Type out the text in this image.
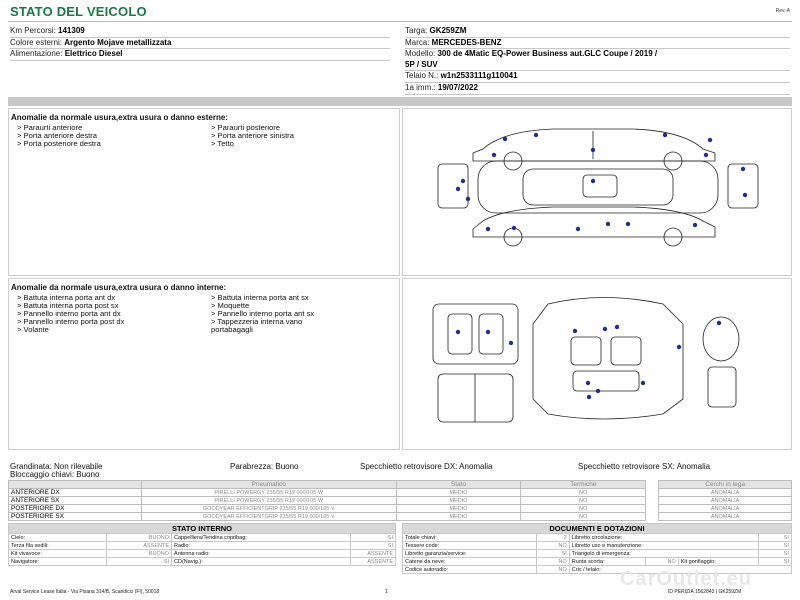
STATO DEL VEICOLO	Rev. A
Km Percorsi: 141309
Colore esterni: Argento Mojave metallizzata
Alimentazione: Elettrico Diesel
Targa: GK259ZM
Marca: MERCEDES-BENZ
Modello: 300 de 4Matic EQ-Power Business aut.GLC Coupe / 2019 /
5P / SUV
Telaio N.: w1n2533111g110041
1a imm.: 19/07/2022
Anomalie da normale usura,extra usura o danno esterne:
> Paraurti anteriore
> Porta anteriore destra
> Porta posteriore destra
> Paraurti posteriore
> Porta anteriore sinistra
> Tetto
Anomalie da normale usura,extra usura o danno interne:
> Battuta interna porta ant dx
> Battuta interna porta post sx
> Pannello interno porta ant dx
> Pannello interno porta post dx
> Volante
> Battuta interna porta ant sx
> Moquette
> Pannello interno porta ant sx
> Tappezzeria interna vano
portabagagli
Grandinata: Non rilevabile
Bloccaggio chiavi: Buono
Parabrezza: Buono	Specchietto retrovisore DX: Anomalia	Specchietto retrovisore SX: Anomalia
	Pneumatico	Stato	Termiche		Cerchi in lega
ANTERIORE DX	PIRELLI POWERGY 235/55 R19 000/105 W	MEDIO	NO		ANOMALIA
ANTERIORE SX	PIRELLI POWERGY 235/55 R19 000/105 W	MEDIO	NO		ANOMALIA
POSTERIORE DX	GOODYEAR EFFICIENTGRIP 235/55 R19 000/105 V	MEDIO	NO		ANOMALIA
POSTERIORE SX	GOODYEAR EFFICIENTGRIP 235/55 R19 000/105 V	MEDIO	NO		ANOMALIA
STATO INTERNO			
Cielo:	BUONO	Cappelliera/Tendina copribag:	SI
Terza fila sedili:	ASSENTE	Radio:	SI
Kit vivavoce:	BUONO	Antenna radio:	ASSENTE
Navigatore:	SI	CD(Navig.):	ASSENTE
DOCUMENTI E DOTAZIONI					
Totale chiavi:	2	Libretto circolazione:			SI
Tessere code:	NO	Libretto uso e manutenzione:			SI
Libretto garanzia/service:	SI	Triangolo di emergenza:			SI
Catene da neve:	NO	Ruota scorta:	NO	Kit gonfiaggio:	SI
Codice autoradio:	NO	Cric / telaio:			
Arval Service Lease Italia - Via Pisana 314/B, Scandicci (FI), 50018	1	ID PERIZIA 1562843 | GK259ZM
CarOutlet.eu
